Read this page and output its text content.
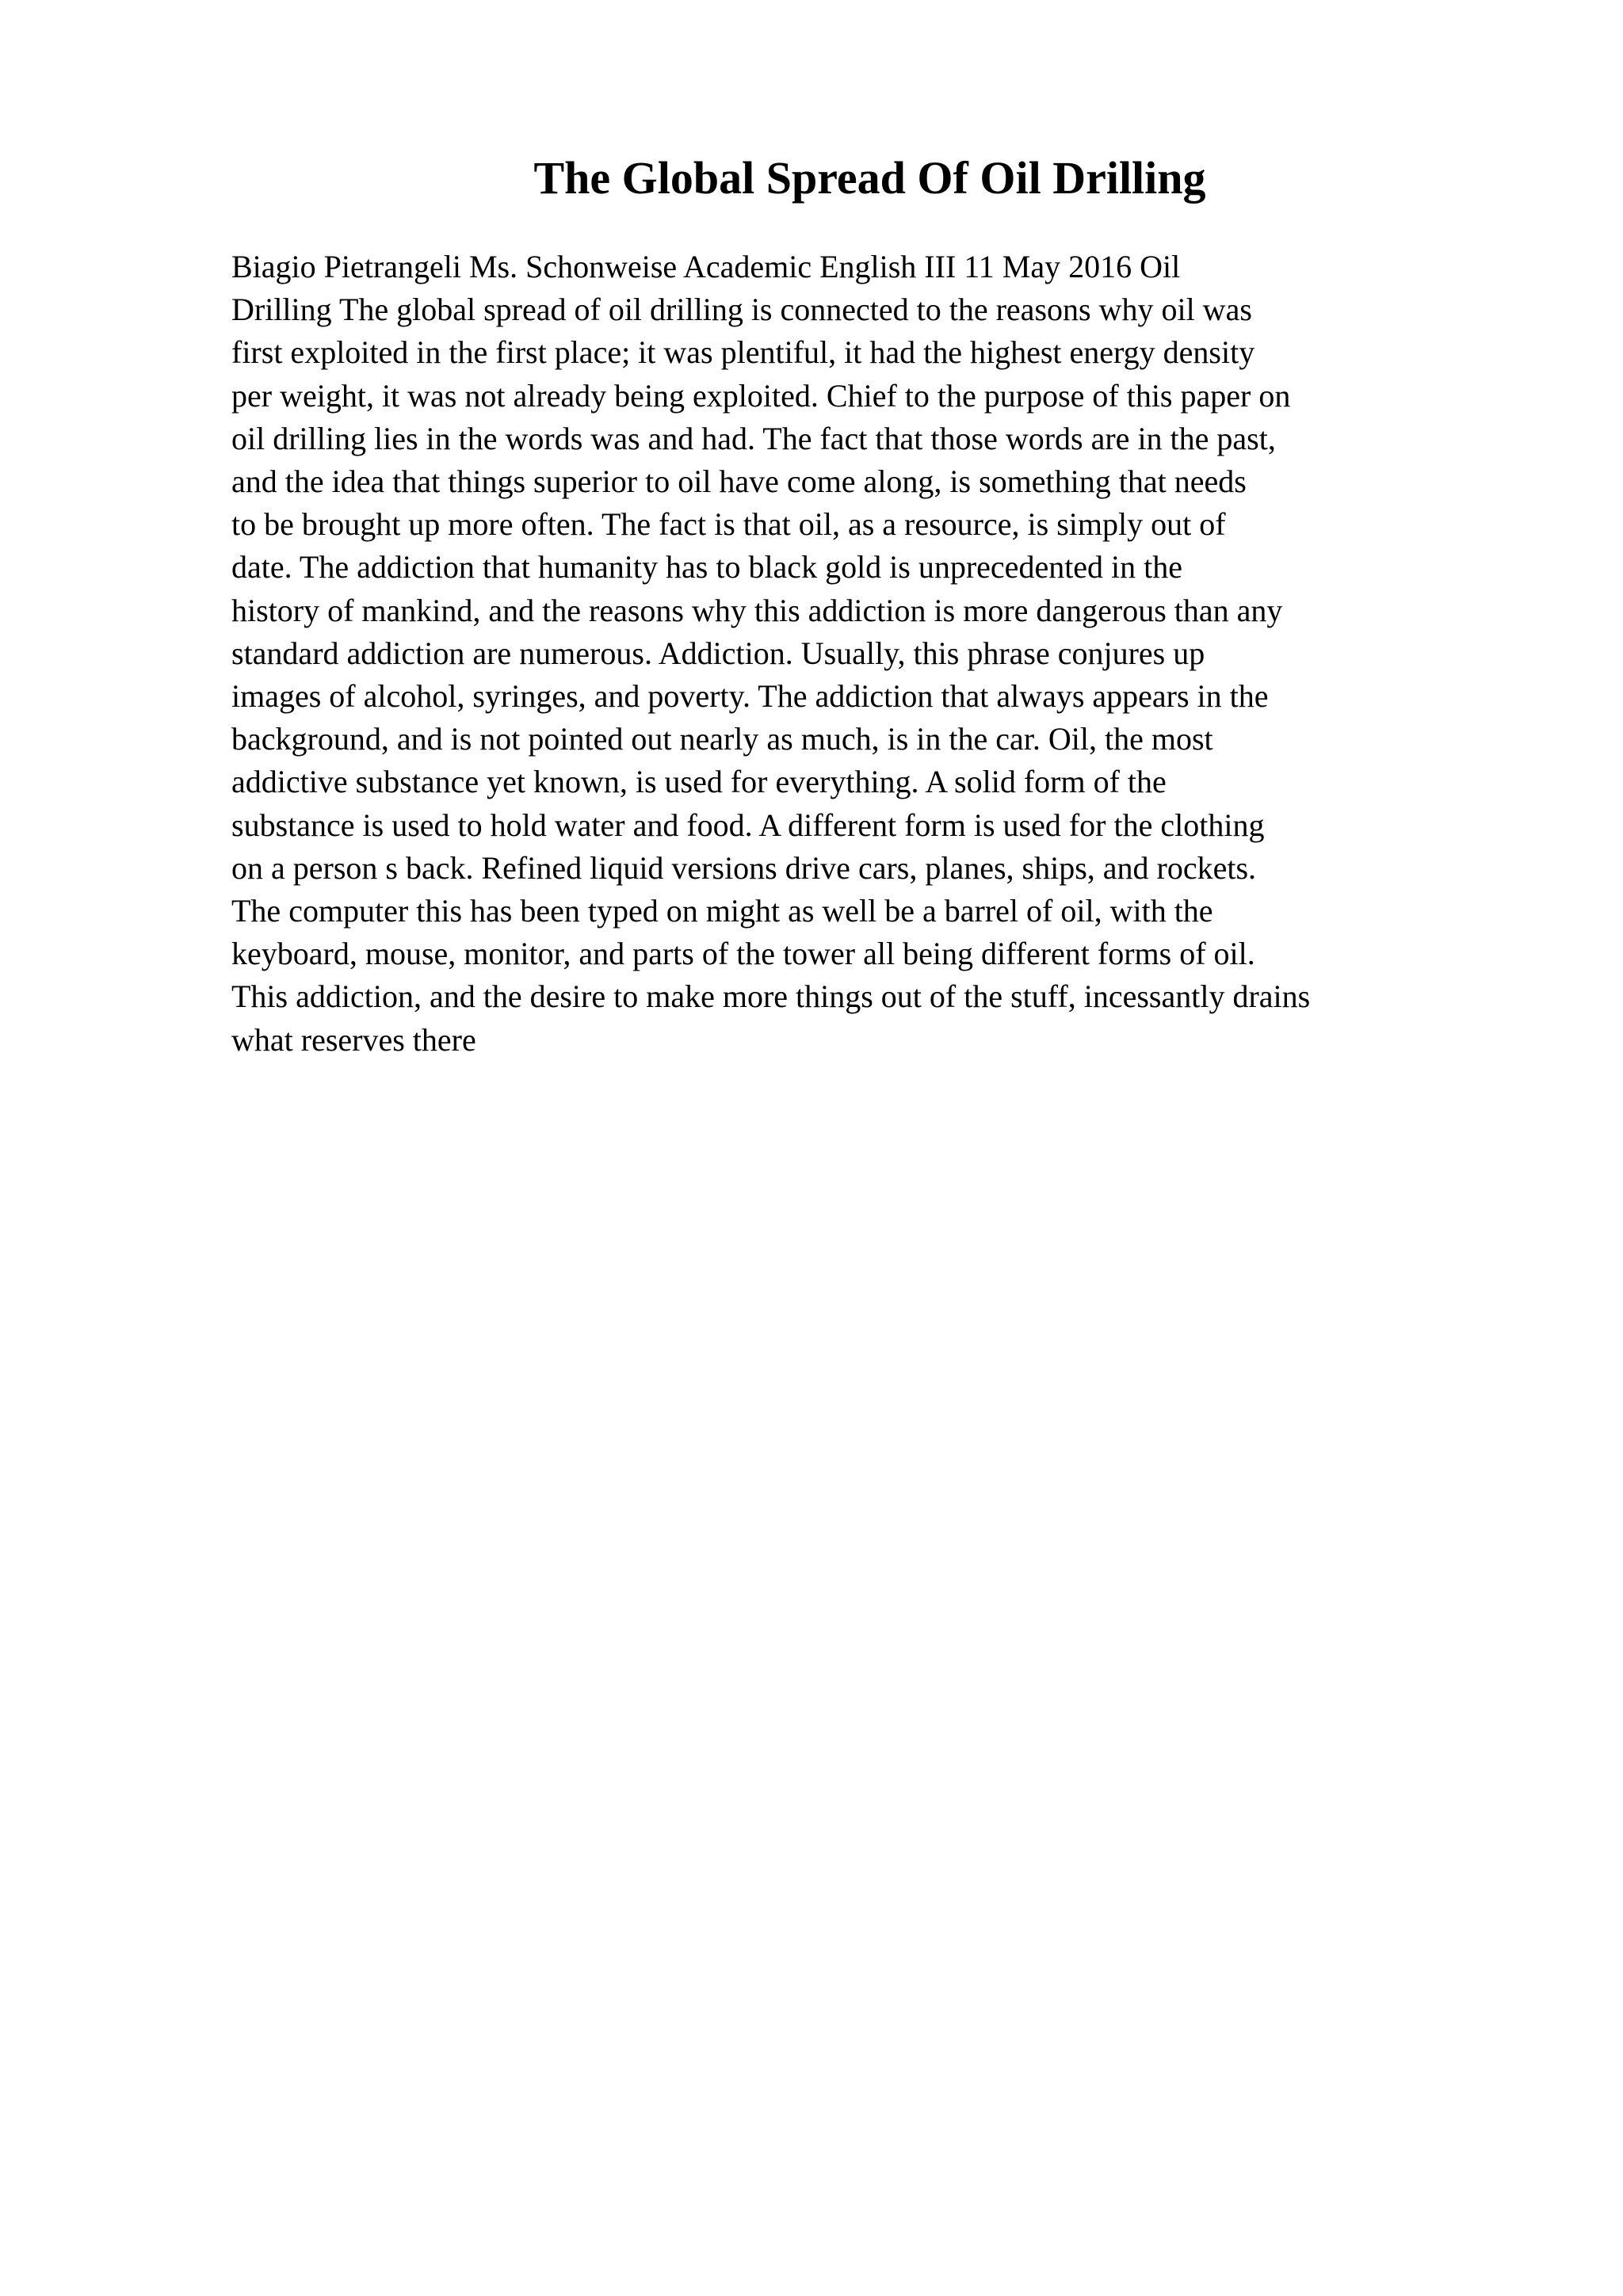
The Global Spread Of Oil Drilling
Biagio Pietrangeli Ms. Schonweise Academic English III 11 May 2016 Oil
Drilling The global spread of oil drilling is connected to the reasons why oil was
first exploited in the first place; it was plentiful, it had the highest energy density
per weight, it was not already being exploited. Chief to the purpose of this paper on
oil drilling lies in the words was and had. The fact that those words are in the past,
and the idea that things superior to oil have come along, is something that needs
to be brought up more often. The fact is that oil, as a resource, is simply out of
date. The addiction that humanity has to black gold is unprecedented in the
history of mankind, and the reasons why this addiction is more dangerous than any
standard addiction are numerous. Addiction. Usually, this phrase conjures up
images of alcohol, syringes, and poverty. The addiction that always appears in the
background, and is not pointed out nearly as much, is in the car. Oil, the most
addictive substance yet known, is used for everything. A solid form of the
substance is used to hold water and food. A different form is used for the clothing
on a person s back. Refined liquid versions drive cars, planes, ships, and rockets.
The computer this has been typed on might as well be a barrel of oil, with the
keyboard, mouse, monitor, and parts of the tower all being different forms of oil.
This addiction, and the desire to make more things out of the stuff, incessantly drains
what reserves there
